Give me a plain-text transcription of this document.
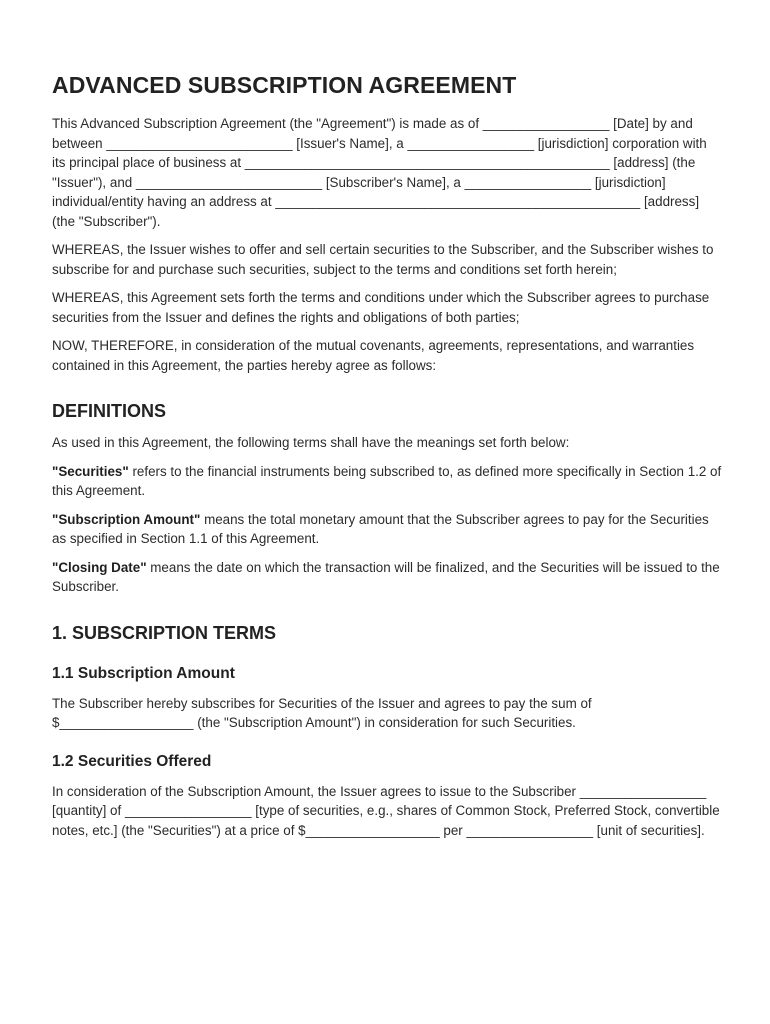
ADVANCED SUBSCRIPTION AGREEMENT

This Advanced Subscription Agreement (the "Agreement") is made as of _________________ [Date] by and between _________________________ [Issuer's Name], a _________________ [jurisdiction] corporation with its principal place of business at _________________________________________________ [address] (the "Issuer"), and _________________________ [Subscriber's Name], a _________________ [jurisdiction] individual/entity having an address at _________________________________________________ [address] (the "Subscriber").

WHEREAS, the Issuer wishes to offer and sell certain securities to the Subscriber, and the Subscriber wishes to subscribe for and purchase such securities, subject to the terms and conditions set forth herein;

WHEREAS, this Agreement sets forth the terms and conditions under which the Subscriber agrees to purchase securities from the Issuer and defines the rights and obligations of both parties;

NOW, THEREFORE, in consideration of the mutual covenants, agreements, representations, and warranties contained in this Agreement, the parties hereby agree as follows:

DEFINITIONS

As used in this Agreement, the following terms shall have the meanings set forth below:

"Securities" refers to the financial instruments being subscribed to, as defined more specifically in Section 1.2 of this Agreement.

"Subscription Amount" means the total monetary amount that the Subscriber agrees to pay for the Securities as specified in Section 1.1 of this Agreement.

"Closing Date" means the date on which the transaction will be finalized, and the Securities will be issued to the Subscriber.

1. SUBSCRIPTION TERMS
1.1 Subscription Amount

The Subscriber hereby subscribes for Securities of the Issuer and agrees to pay the sum of $__________________ (the "Subscription Amount") in consideration for such Securities.

1.2 Securities Offered

In consideration of the Subscription Amount, the Issuer agrees to issue to the Subscriber _________________ [quantity] of _________________ [type of securities, e.g., shares of Common Stock, Preferred Stock, convertible notes, etc.] (the "Securities") at a price of $__________________ per _________________ [unit of securities].
